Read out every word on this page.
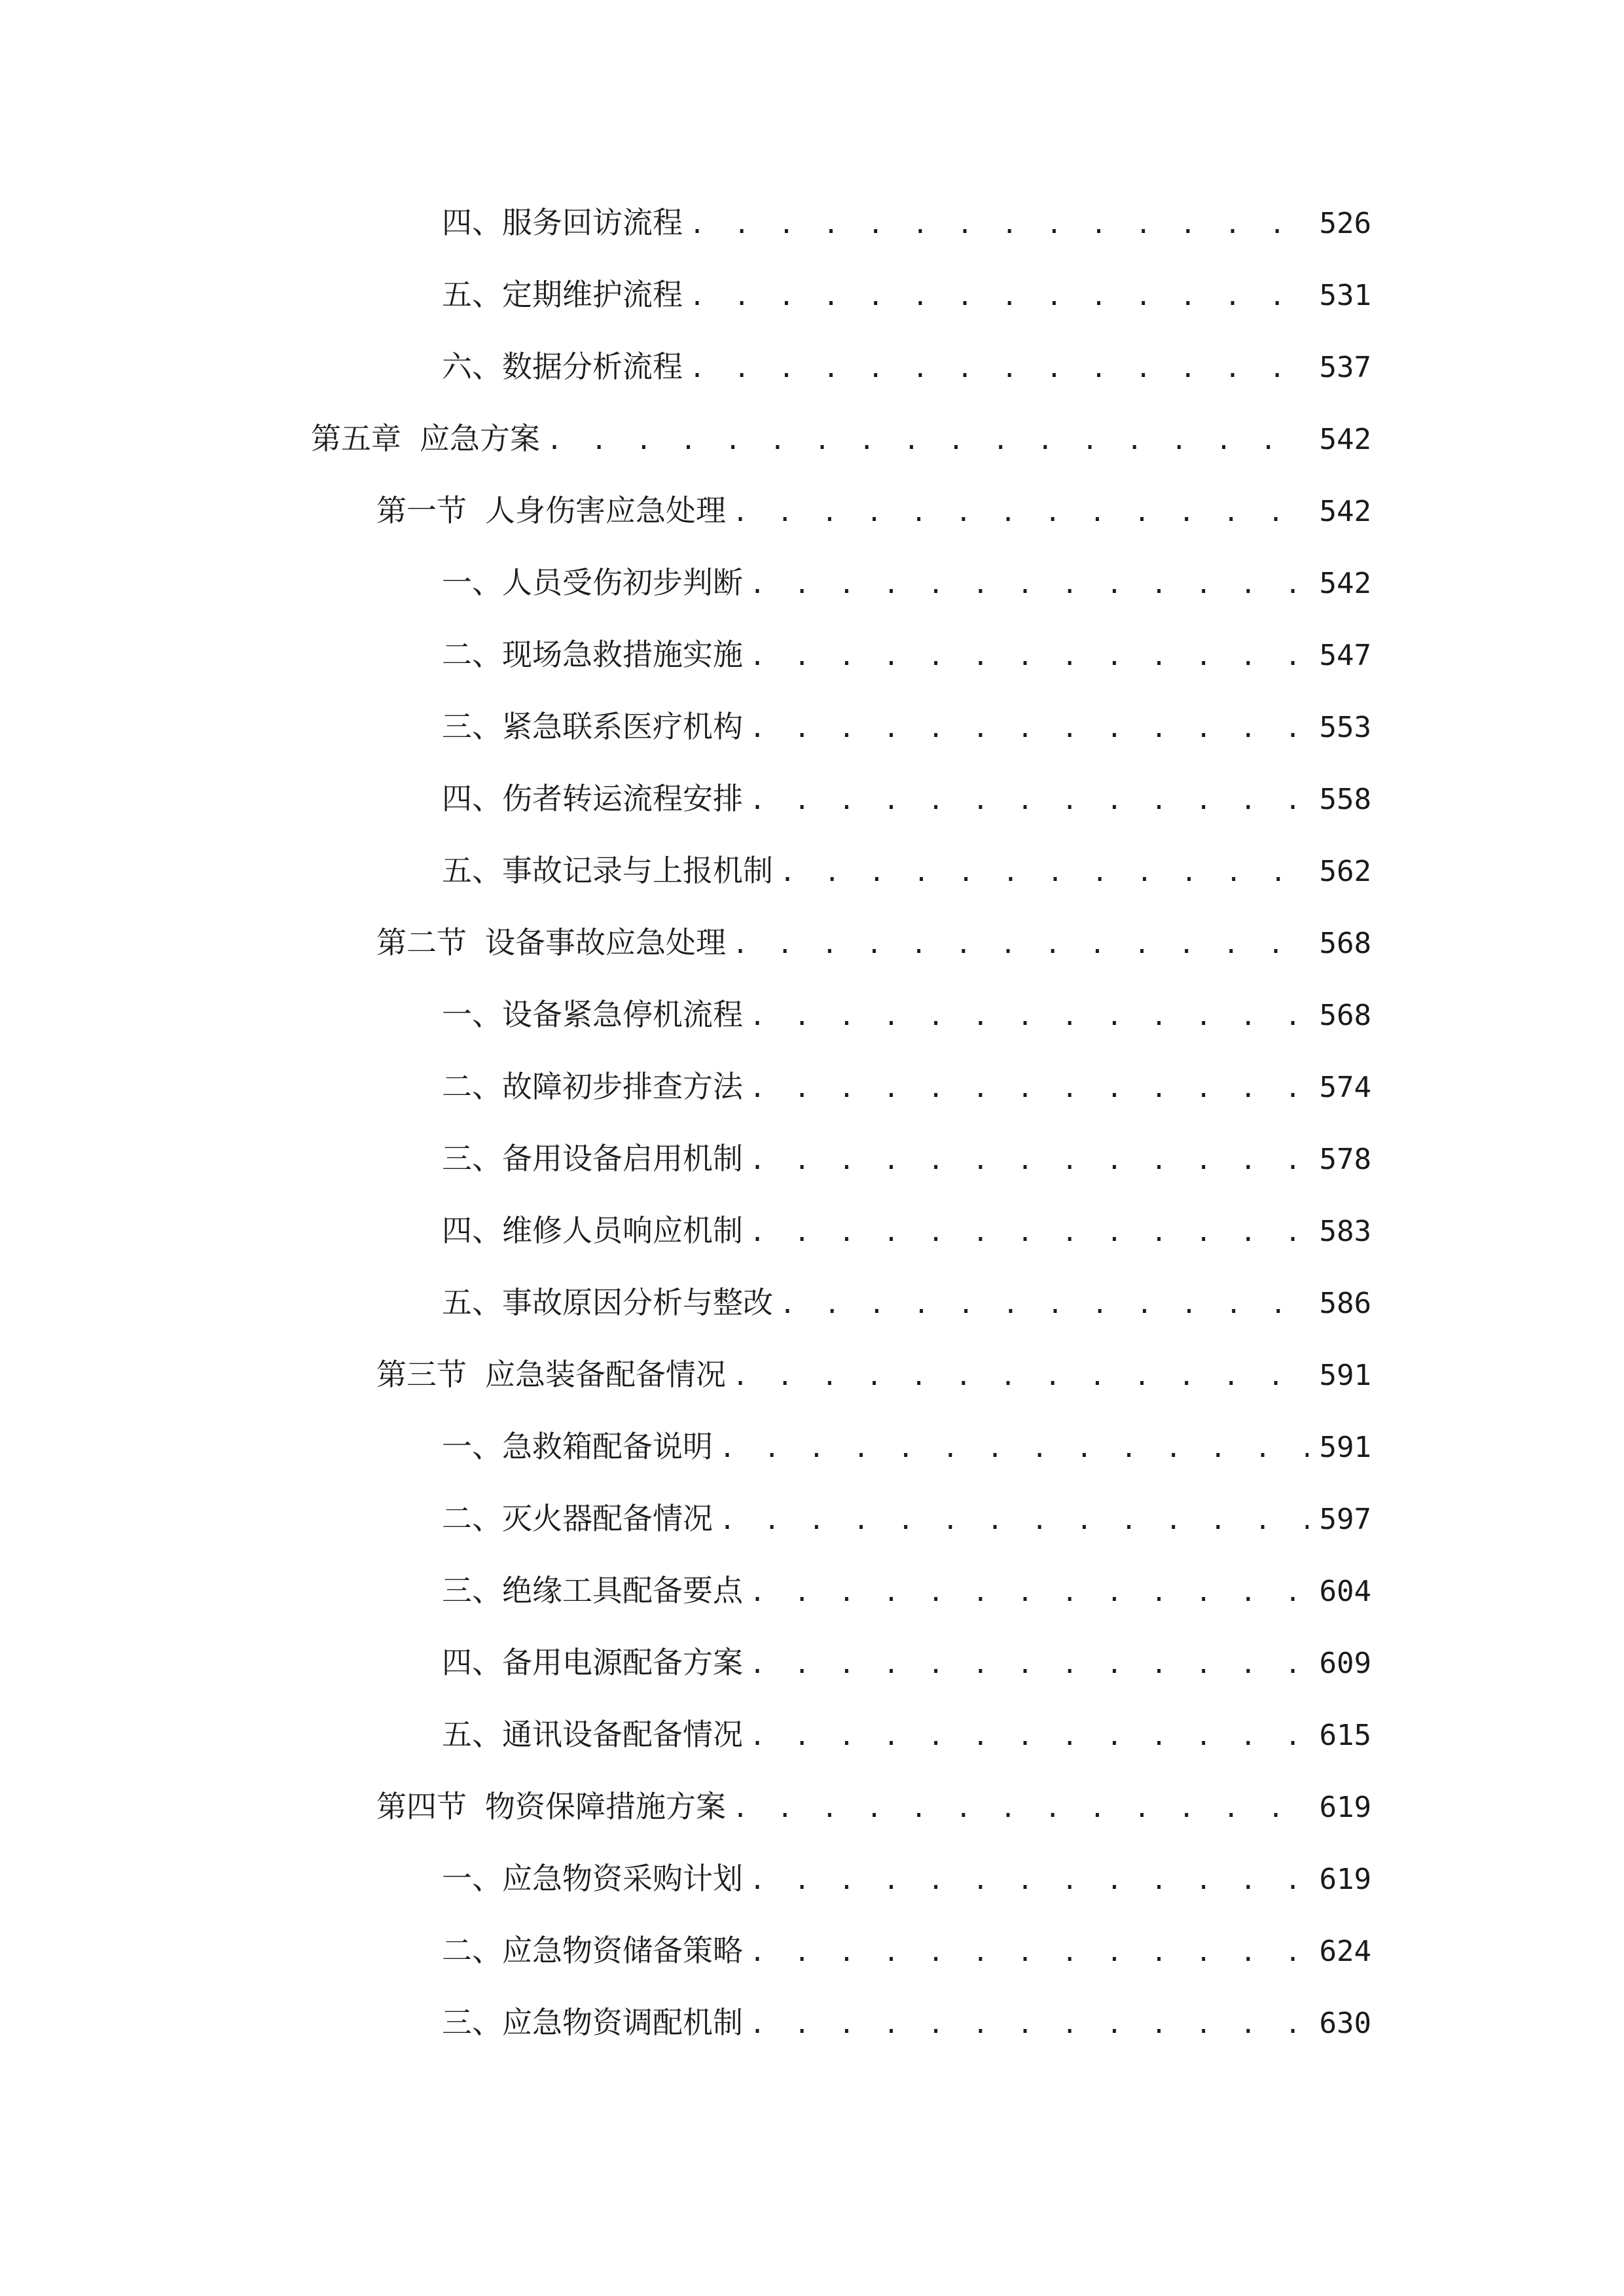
四、 服务回访流程 . . .	526
五、 定期维护流程 . . .	531
六、 数据分析流程 . . .	537
第五章 应急方案 . . .	542
第一节 人身伤害应急处理 . . .	542
一、 人员受伤初步判断 . . .	542
二、 现场急救措施实施 . . .	547
三、 紧急联系医疗机构 . . .	553
四、 伤者转运流程安排 . . .	558
五、 事故记录与上报机制 . . .	562
第二节 设备事故应急处理 . . .	568
一、 设备紧急停机流程 . . .	568
二、 故障初步排查方法 . . .	574
三、 备用设备启用机制 . . .	578
四、 维修人员响应机制 . . .	583
五、 事故原因分析与整改 . . .	586
第三节 应急装备配备情况 . . .	591
一、 急救箱配备说明 . . .	591
二、 灭火器配备情况 . . .	597
三、 绝缘工具配备要点 . . .	604
四、 备用电源配备方案 . . .	609
五、 通讯设备配备情况 . . .	615
第四节 物资保障措施方案 . . .	619
一、 应急物资采购计划 . . .	619
二、 应急物资储备策略 . . .	624
三、 应急物资调配机制 . . .	630
